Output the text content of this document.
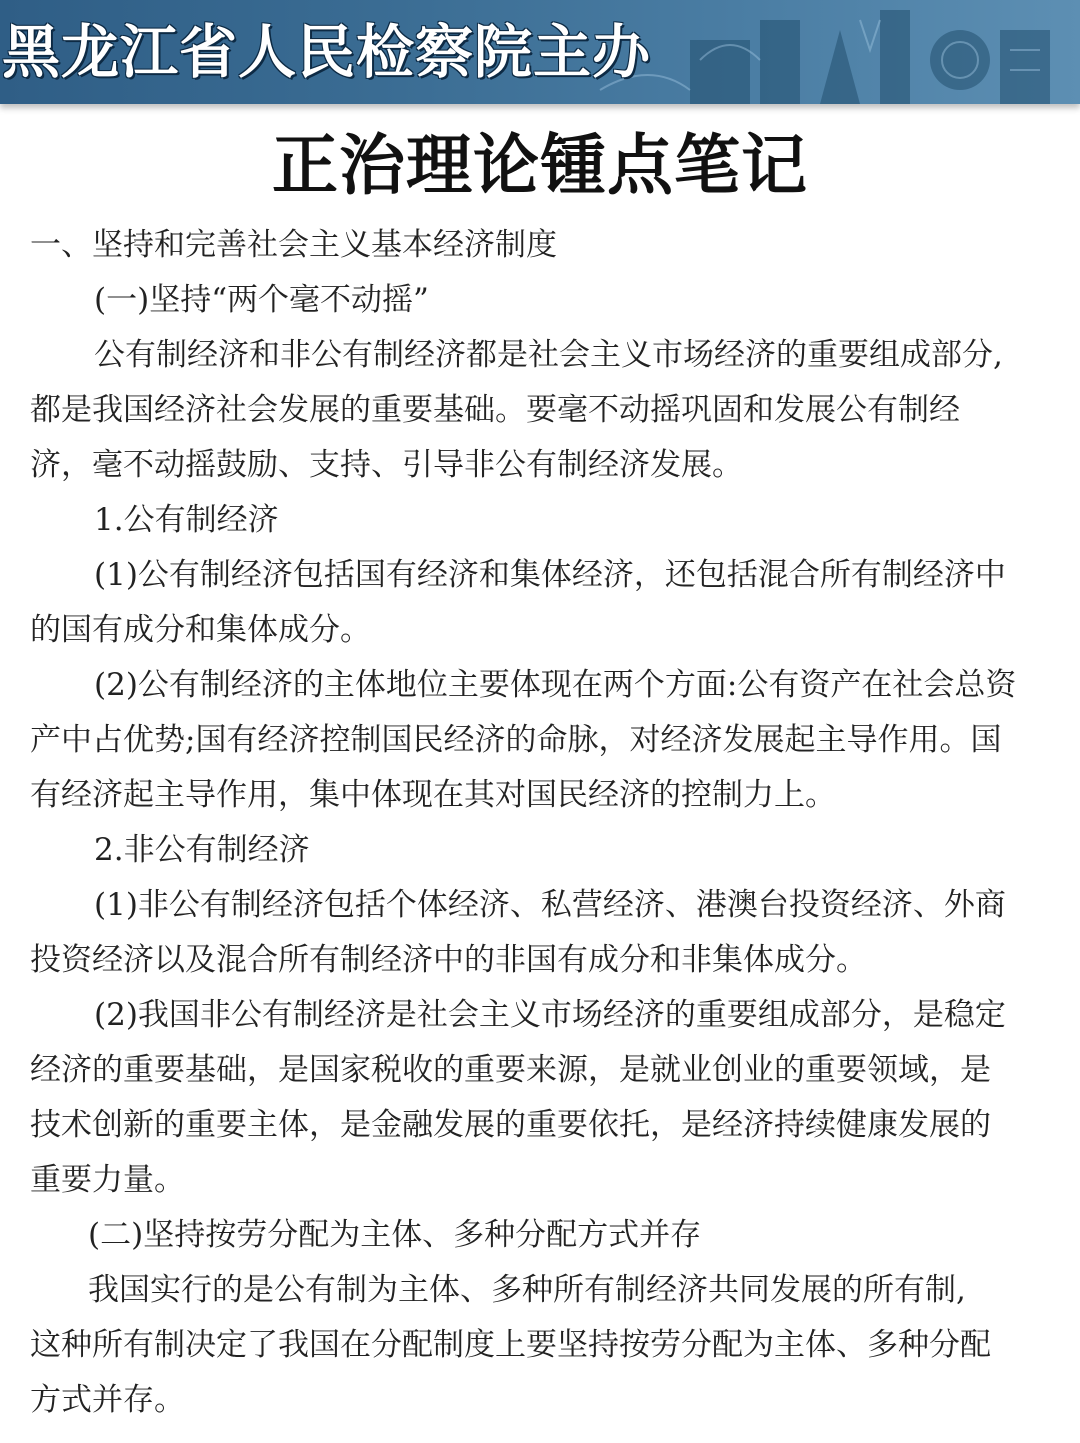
黑龙江省人民检察院主办
正治理论锺点笔记

一、坚持和完善社会主义基本经济制度

(一)坚持“两个毫不动摇”

公有制经济和非公有制经济都是社会主义市场经济的重要组成部分,

都是我国经济社会发展的重要基础。要毫不动摇巩固和发展公有制经

济，毫不动摇鼓励、支持、引导非公有制经济发展。

1.公有制经济

(1)公有制经济包括国有经济和集体经济，还包括混合所有制经济中

的国有成分和集体成分。

(2)公有制经济的主体地位主要体现在两个方面:公有资产在社会总资

产中占优势;国有经济控制国民经济的命脉，对经济发展起主导作用。国

有经济起主导作用，集中体现在其对国民经济的控制力上。

2.非公有制经济

(1)非公有制经济包括个体经济、私营经济、港澳台投资经济、外商

投资经济以及混合所有制经济中的非国有成分和非集体成分。

(2)我国非公有制经济是社会主义市场经济的重要组成部分，是稳定

经济的重要基础，是国家税收的重要来源，是就业创业的重要领域，是

技术创新的重要主体，是金融发展的重要依托，是经济持续健康发展的

重要力量。

(二)坚持按劳分配为主体、多种分配方式并存

我国实行的是公有制为主体、多种所有制经济共同发展的所有制,

这种所有制决定了我国在分配制度上要坚持按劳分配为主体、多种分配

方式并存。
